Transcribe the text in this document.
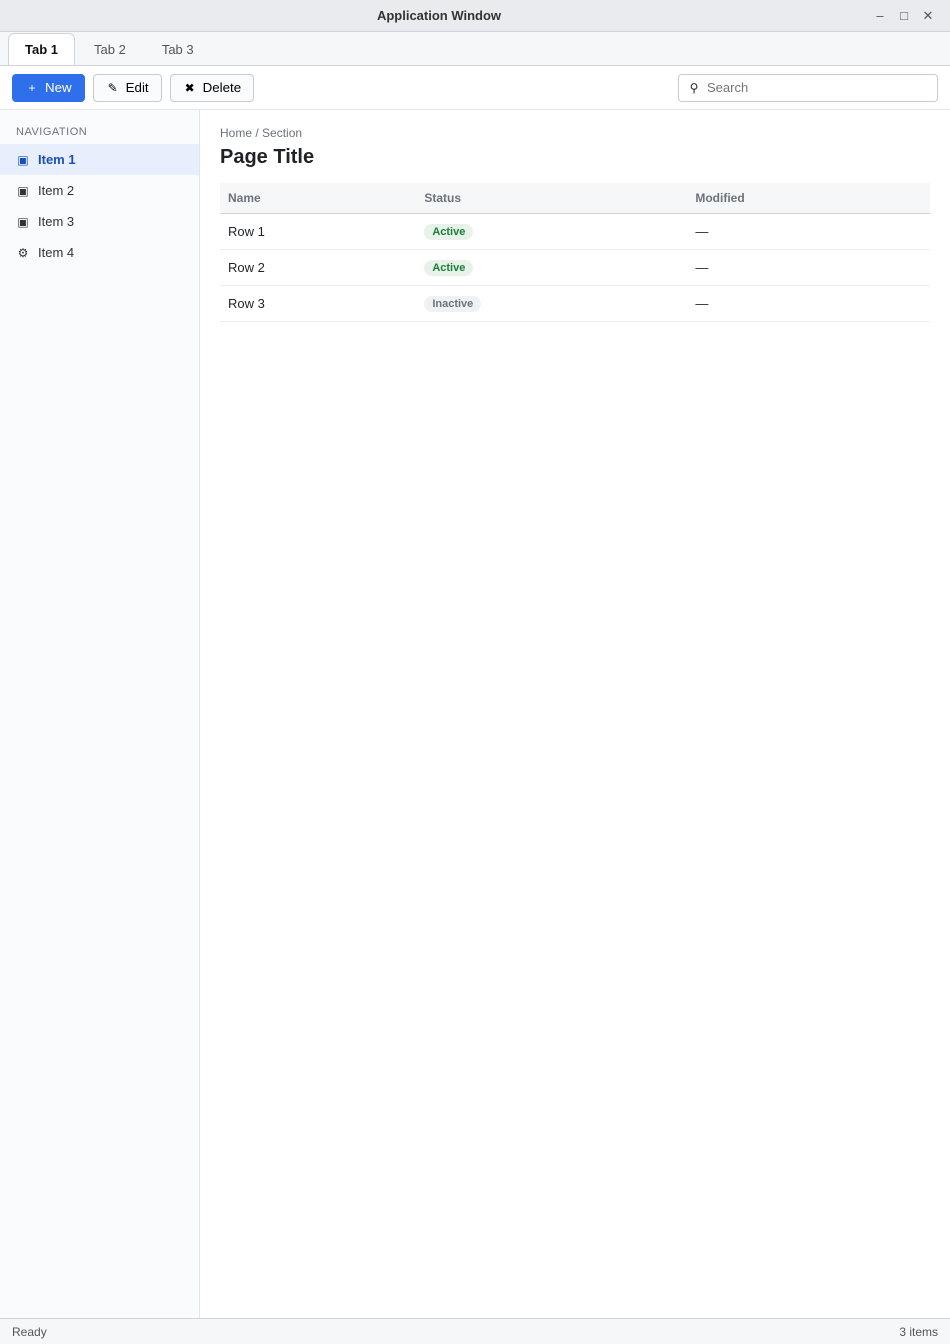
Application Window	–	□	✕
Tab 1	Tab 2	Tab 3
+ New	✎ Edit	✖ Delete	⚲
Search
NAVIGATION
▣ Item 1
▣ Item 2
▣ Item 3
⚙ Item 4
Home / Section
Page Title
Name	Status	Modified
Row 1	Active	—
Row 2	Active	—
Row 3	Inactive	—
Ready	3 items
